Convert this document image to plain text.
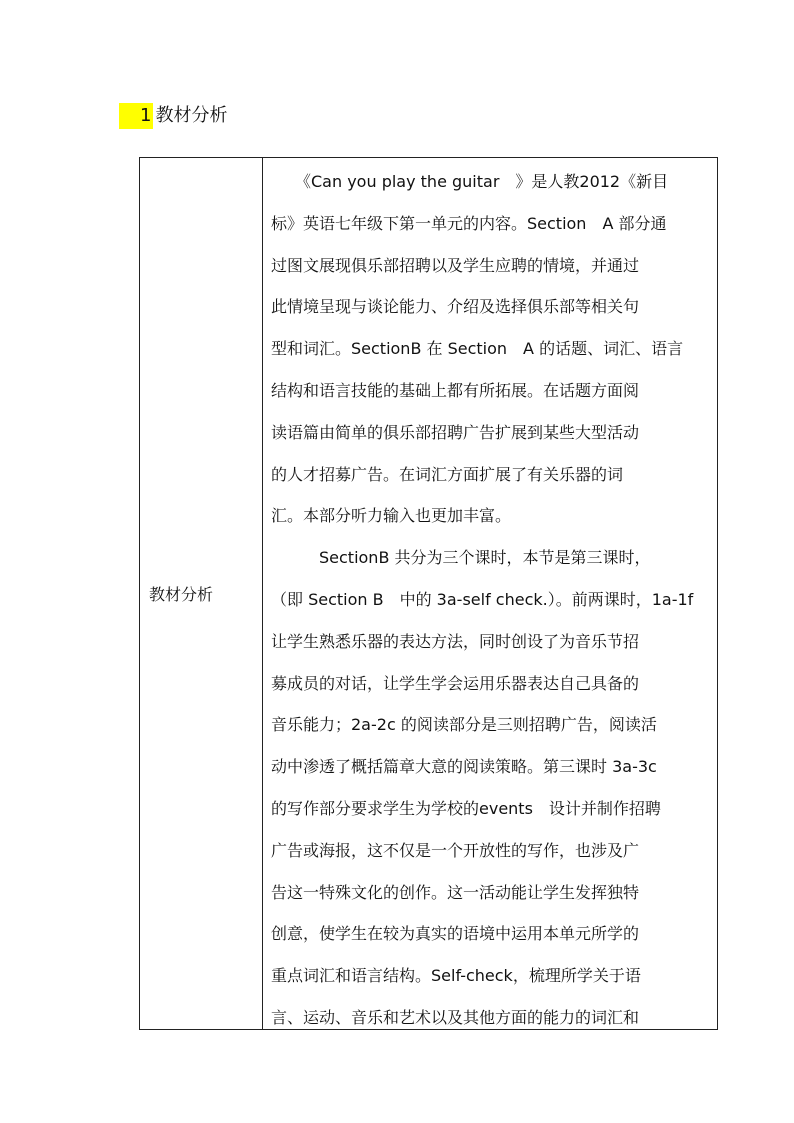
1 教材分析
教材分析
　　《Can you play the guitar　》是人教2012《新目
标》英语七年级下第一单元的内容。Section　A 部分通
过图文展现俱乐部招聘以及学生应聘的情境，并通过
此情境呈现与谈论能力、介绍及选择俱乐部等相关句
型和词汇。SectionB 在 Section　A 的话题、词汇、语言
结构和语言技能的基础上都有所拓展。在话题方面阅
读语篇由简单的俱乐部招聘广告扩展到某些大型活动
的人才招募广告。在词汇方面扩展了有关乐器的词
汇。本部分听力输入也更加丰富。
　　　SectionB 共分为三个课时，本节是第三课时，
（即 Section B　中的 3a-self check.）。前两课时，1a-1f
让学生熟悉乐器的表达方法，同时创设了为音乐节招
募成员的对话，让学生学会运用乐器表达自己具备的
音乐能力；2a-2c 的阅读部分是三则招聘广告，阅读活
动中渗透了概括篇章大意的阅读策略。第三课时 3a-3c
的写作部分要求学生为学校的events　设计并制作招聘
广告或海报，这不仅是一个开放性的写作，也涉及广
告这一特殊文化的创作。这一活动能让学生发挥独特
创意，使学生在较为真实的语境中运用本单元所学的
重点词汇和语言结构。Self-check，梳理所学关于语
言、运动、音乐和艺术以及其他方面的能力的词汇和
